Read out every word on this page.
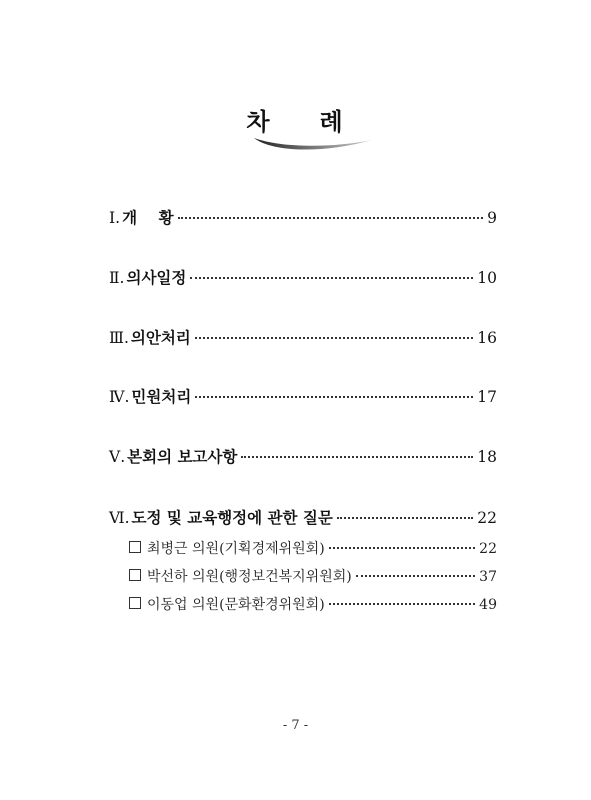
차 례
Ⅰ. 개    황	9
Ⅱ. 의사일정	10
Ⅲ. 의안처리	16
Ⅳ. 민원처리	17
Ⅴ. 본회의 보고사항	18
Ⅵ. 도정 및 교육행정에 관한 질문	22
최병근 의원(기획경제위원회)	22
박선하 의원(행정보건복지위원회)	37
이동업 의원(문화환경위원회)	49
- 7 -
